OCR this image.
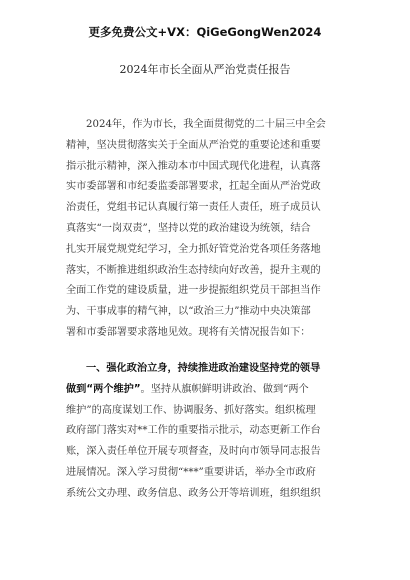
更多免费公文+VX：QiGeGongWen2024
2024年市长全面从严治党责任报告
2024年，作为市长，我全面贯彻党的二十届三中全会
精神，坚决贯彻落实关于全面从严治党的重要论述和重要
指示批示精神，深入推动本市中国式现代化进程，认真落
实市委部署和市纪委监委部署要求，扛起全面从严治党政
治责任，党组书记认真履行第一责任人责任，班子成员认
真落实“一岗双责”，坚持以党的政治建设为统领，结合
扎实开展党规党纪学习，全力抓好管党治党各项任务落地
落实，不断推进组织政治生态持续向好改善，提升主观的
全面工作党的建设质量，进一步提振组织党员干部担当作
为、干事成事的精气神，以“政治三力”推动中央决策部
署和市委部署要求落地见效。现将有关情况报告如下：
一、强化政治立身，持续推进政治建设坚持党的领导
做到“两个维护”。坚持从旗帜鲜明讲政治、做到“两个
维护”的高度谋划工作、协调服务、抓好落实。组织梳理
政府部门落实对**工作的重要指示批示，动态更新工作台
账，深入责任单位开展专项督查，及时向市领导同志报告
进展情况。深入学习贯彻“***”重要讲话，举办全市政府
系统公文办理、政务信息、政务公开等培训班，组织组织
